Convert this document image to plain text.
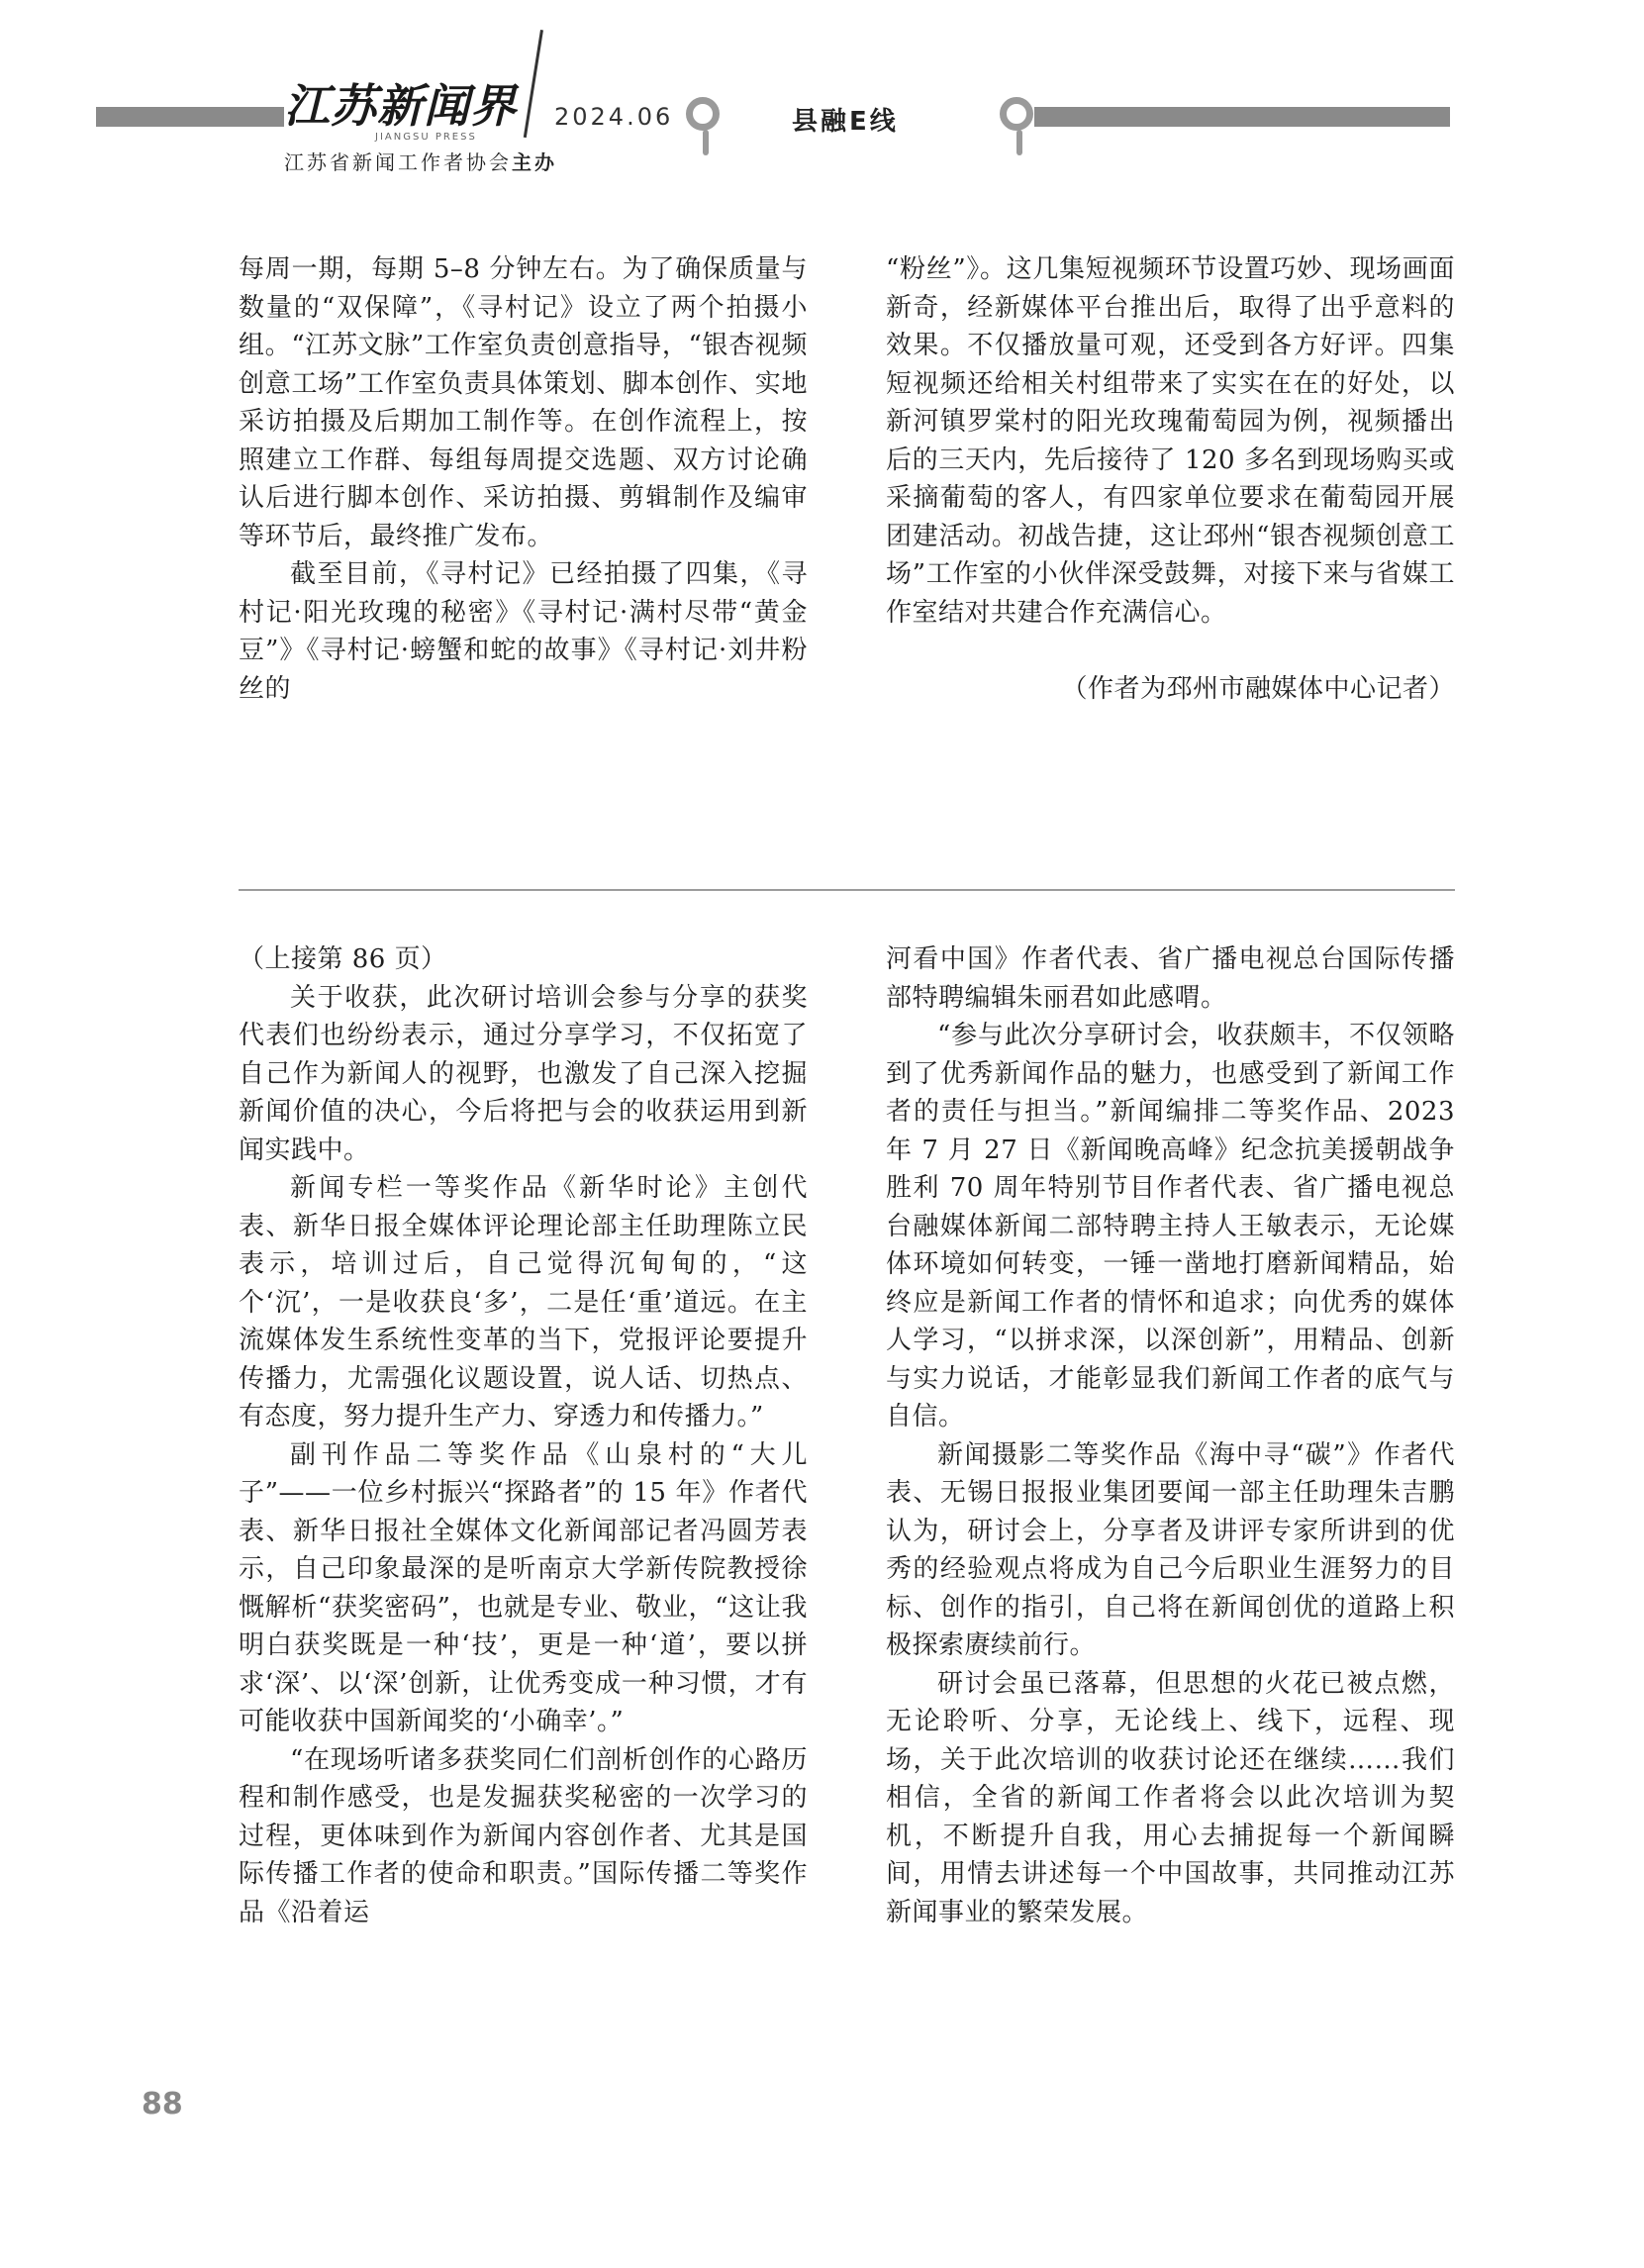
江苏新闻界
JIANGSU PRESS
2024.06
江苏省新闻工作者协会主办
县融E线

每周一期，每期 5–8 分钟左右。为了确保质量与数量的“双保障”，《寻村记》设立了两个拍摄小组。“江苏文脉”工作室负责创意指导，“银杏视频创意工场”工作室负责具体策划、脚本创作、实地采访拍摄及后期加工制作等。在创作流程上，按照建立工作群、每组每周提交选题、双方讨论确认后进行脚本创作、采访拍摄、剪辑制作及编审等环节后，最终推广发布。

截至目前，《寻村记》已经拍摄了四集，《寻村记·阳光玫瑰的秘密》《寻村记·满村尽带“黄金豆”》《寻村记·螃蟹和蛇的故事》《寻村记·刘井粉丝的

“粉丝”》。这几集短视频环节设置巧妙、现场画面新奇，经新媒体平台推出后，取得了出乎意料的效果。不仅播放量可观，还受到各方好评。四集短视频还给相关村组带来了实实在在的好处，以新河镇罗棠村的阳光玫瑰葡萄园为例，视频播出后的三天内，先后接待了 120 多名到现场购买或采摘葡萄的客人，有四家单位要求在葡萄园开展团建活动。初战告捷，这让邳州“银杏视频创意工场”工作室的小伙伴深受鼓舞，对接下来与省媒工作室结对共建合作充满信心。

（作者为邳州市融媒体中心记者）

（上接第 86 页）

关于收获，此次研讨培训会参与分享的获奖代表们也纷纷表示，通过分享学习，不仅拓宽了自己作为新闻人的视野，也激发了自己深入挖掘新闻价值的决心，今后将把与会的收获运用到新闻实践中。

新闻专栏一等奖作品《新华时论》主创代表、新华日报全媒体评论理论部主任助理陈立民表示，培训过后，自己觉得沉甸甸的，“这个‘沉’，一是收获良‘多’，二是任‘重’道远。在主流媒体发生系统性变革的当下，党报评论要提升传播力，尤需强化议题设置，说人话、切热点、有态度，努力提升生产力、穿透力和传播力。”

副刊作品二等奖作品《山泉村的“大儿子”——一位乡村振兴“探路者”的 15 年》作者代表、新华日报社全媒体文化新闻部记者冯圆芳表示，自己印象最深的是听南京大学新传院教授徐慨解析“获奖密码”，也就是专业、敬业，“这让我明白获奖既是一种‘技’，更是一种‘道’，要以拼求‘深’、以‘深’创新，让优秀变成一种习惯，才有可能收获中国新闻奖的‘小确幸’。”

“在现场听诸多获奖同仁们剖析创作的心路历程和制作感受，也是发掘获奖秘密的一次学习的过程，更体味到作为新闻内容创作者、尤其是国际传播工作者的使命和职责。”国际传播二等奖作品《沿着运

河看中国》作者代表、省广播电视总台国际传播部特聘编辑朱丽君如此感喟。

“参与此次分享研讨会，收获颇丰，不仅领略到了优秀新闻作品的魅力，也感受到了新闻工作者的责任与担当。”新闻编排二等奖作品、2023 年 7 月 27 日《新闻晚高峰》纪念抗美援朝战争胜利 70 周年特别节目作者代表、省广播电视总台融媒体新闻二部特聘主持人王敏表示，无论媒体环境如何转变，一锤一凿地打磨新闻精品，始终应是新闻工作者的情怀和追求；向优秀的媒体人学习，“以拼求深，以深创新”，用精品、创新与实力说话，才能彰显我们新闻工作者的底气与自信。

新闻摄影二等奖作品《海中寻“碳”》作者代表、无锡日报报业集团要闻一部主任助理朱吉鹏认为，研讨会上，分享者及讲评专家所讲到的优秀的经验观点将成为自己今后职业生涯努力的目标、创作的指引，自己将在新闻创优的道路上积极探索赓续前行。

研讨会虽已落幕，但思想的火花已被点燃，无论聆听、分享，无论线上、线下，远程、现场，关于此次培训的收获讨论还在继续……我们相信，全省的新闻工作者将会以此次培训为契机，不断提升自我，用心去捕捉每一个新闻瞬间，用情去讲述每一个中国故事，共同推动江苏新闻事业的繁荣发展。

88
